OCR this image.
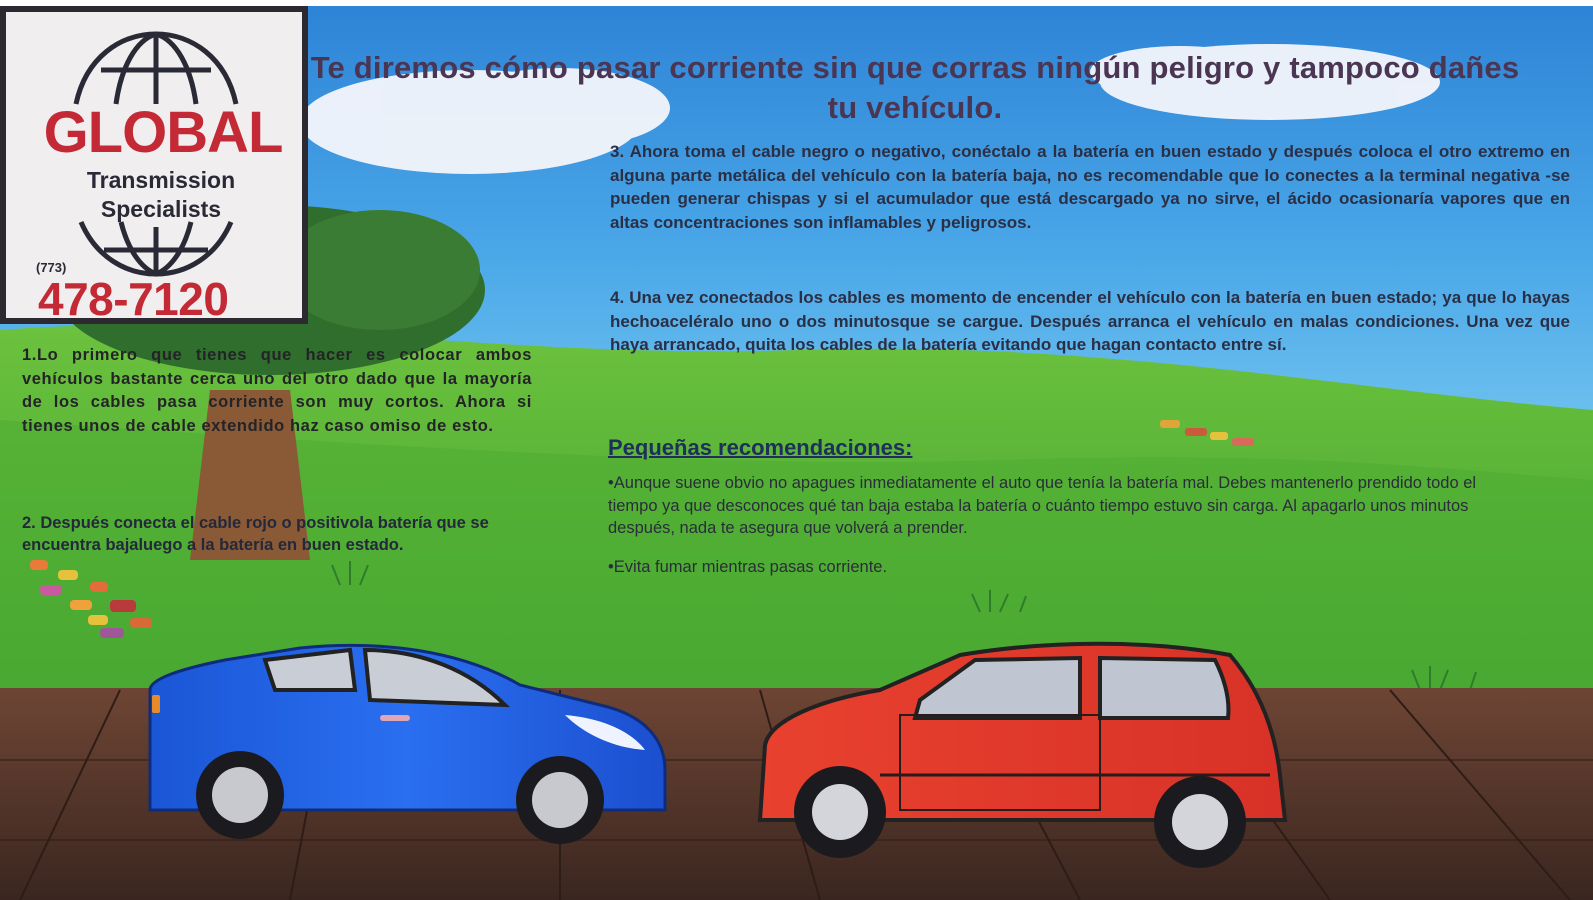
GLOBAL
Transmission
Specialists
(773)
478-7120
Te diremos cómo pasar corriente sin que corras ningún peligro y tampoco dañes tu vehículo.
1.Lo primero que tienes que hacer es colocar ambos vehículos bastante cerca uno del otro dado que la mayoría de los cables pasa corriente son muy cortos. Ahora si tienes unos de cable extendido haz caso omiso de esto.
2. Después conecta el cable rojo o positivola batería que se encuentra bajaluego a la batería en buen estado.
3. Ahora toma el cable negro o negativo, conéctalo a la batería en buen estado y después coloca el otro extremo en alguna parte metálica del vehículo con la batería baja, no es recomendable que lo conectes a la terminal negativa -se pueden generar chispas y si el acumulador que está descargado ya no sirve, el ácido ocasionaría vapores que en altas concentraciones son inflamables y peligrosos.
4. Una vez conectados los cables es momento de encender el vehículo con la batería en buen estado; ya que lo hayas hechoaceléralo uno o dos minutosque se cargue. Después arranca el vehículo en malas condiciones. Una vez que haya arrancado, quita los cables de la batería evitando que hagan contacto entre sí.
Pequeñas recomendaciones:
•Aunque suene obvio no apagues inmediatamente el auto que tenía la batería mal. Debes mantenerlo prendido todo el tiempo ya que desconoces qué tan baja estaba la batería o cuánto tiempo estuvo sin carga. Al apagarlo unos minutos después, nada te asegura que volverá a prender.
•Evita fumar mientras pasas corriente.
